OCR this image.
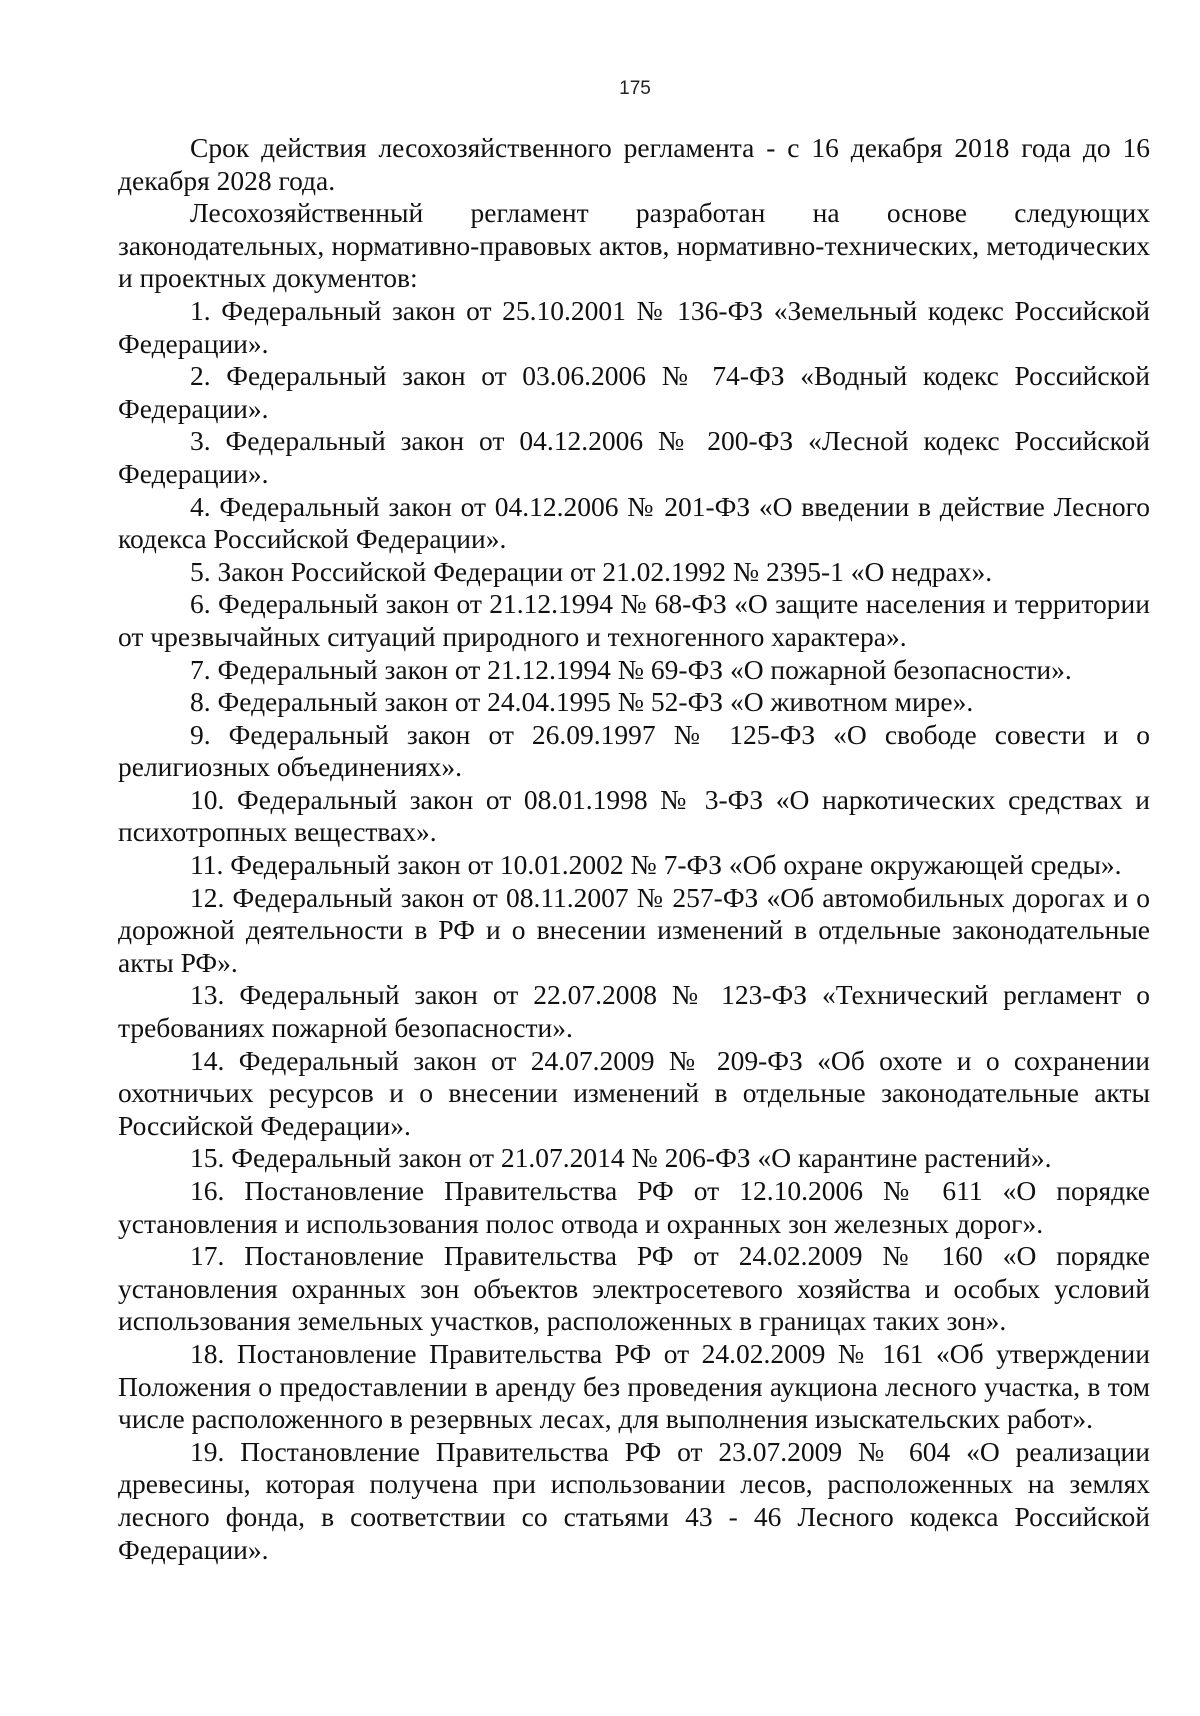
175

Срок действия лесохозяйственного регламента - с 16 декабря 2018 года до 16 декабря 2028 года.

Лесохозяйственный регламент разработан на основе следующих законодательных, нормативно-правовых актов, нормативно-технических, методических и проектных документов:

1. Федеральный закон от 25.10.2001 № 136-ФЗ «Земельный кодекс Российской Федерации».

2. Федеральный закон от 03.06.2006 № 74-ФЗ «Водный кодекс Российской Федерации».

3. Федеральный закон от 04.12.2006 № 200-ФЗ «Лесной кодекс Российской Федерации».

4. Федеральный закон от 04.12.2006 № 201-ФЗ «О введении в действие Лесного кодекса Российской Федерации».

5. Закон Российской Федерации от 21.02.1992 № 2395-1 «О недрах».

6. Федеральный закон от 21.12.1994 № 68-ФЗ «О защите населения и территории от чрезвычайных ситуаций природного и техногенного характера».

7. Федеральный закон от 21.12.1994 № 69-ФЗ «О пожарной безопасности».

8. Федеральный закон от 24.04.1995 № 52-ФЗ «О животном мире».

9. Федеральный закон от 26.09.1997 № 125-ФЗ «О свободе совести и о религиозных объединениях».

10. Федеральный закон от 08.01.1998 № 3-ФЗ «О наркотических средствах и психотропных веществах».

11. Федеральный закон от 10.01.2002 № 7-ФЗ «Об охране окружающей среды».

12. Федеральный закон от 08.11.2007 № 257-ФЗ «Об автомобильных дорогах и о дорожной деятельности в РФ и о внесении изменений в отдельные законодательные акты РФ».

13. Федеральный закон от 22.07.2008 № 123-ФЗ «Технический регламент о требованиях пожарной безопасности».

14. Федеральный закон от 24.07.2009 № 209-ФЗ «Об охоте и о сохранении охотничьих ресурсов и о внесении изменений в отдельные законодательные акты Российской Федерации».

15. Федеральный закон от 21.07.2014 № 206-ФЗ «О карантине растений».

16. Постановление Правительства РФ от 12.10.2006 № 611 «О порядке установления и использования полос отвода и охранных зон железных дорог».

17. Постановление Правительства РФ от 24.02.2009 № 160 «О порядке установления охранных зон объектов электросетевого хозяйства и особых условий использования земельных участков, расположенных в границах таких зон».

18. Постановление Правительства РФ от 24.02.2009 № 161 «Об утверждении Положения о предоставлении в аренду без проведения аукциона лесного участка, в том числе расположенного в резервных лесах, для выполнения изыскательских работ».

19. Постановление Правительства РФ от 23.07.2009 № 604 «О реализации древесины, которая получена при использовании лесов, расположенных на землях лесного фонда, в соответствии со статьями 43 - 46 Лесного кодекса Российской Федерации».
